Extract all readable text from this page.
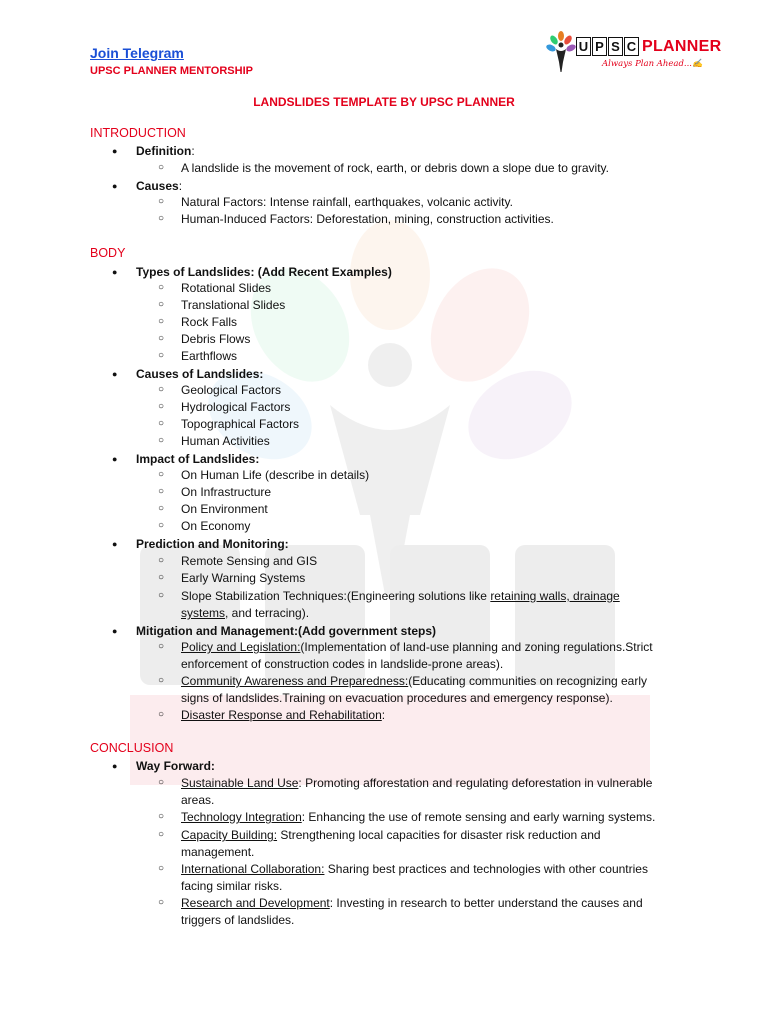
Join Telegram
UPSC PLANNER MENTORSHIP
U P S C PLANNER
Always Plan Ahead...✍
LANDSLIDES TEMPLATE BY UPSC PLANNER
INTRODUCTION
● Definition:
○ A landslide is the movement of rock, earth, or debris down a slope due to gravity.
● Causes:
○ Natural Factors: Intense rainfall, earthquakes, volcanic activity.
○ Human-Induced Factors: Deforestation, mining, construction activities.
BODY
● Types of Landslides: (Add Recent Examples)
○ Rotational Slides
○ Translational Slides
○ Rock Falls
○ Debris Flows
○ Earthflows
● Causes of Landslides:
○ Geological Factors
○ Hydrological Factors
○ Topographical Factors
○ Human Activities
● Impact of Landslides:
○ On Human Life (describe in details)
○ On Infrastructure
○ On Environment
○ On Economy
● Prediction and Monitoring:
○ Remote Sensing and GIS
○ Early Warning Systems
○ Slope Stabilization Techniques:(Engineering solutions like retaining walls, drainage
systems, and terracing).
● Mitigation and Management:(Add government steps)
○ Policy and Legislation:(Implementation of land-use planning and zoning regulations.Strict
enforcement of construction codes in landslide-prone areas).
○ Community Awareness and Preparedness:(Educating communities on recognizing early
signs of landslides.Training on evacuation procedures and emergency response).
○ Disaster Response and Rehabilitation:
CONCLUSION
● Way Forward:
○ Sustainable Land Use: Promoting afforestation and regulating deforestation in vulnerable
areas.
○ Technology Integration: Enhancing the use of remote sensing and early warning systems.
○ Capacity Building: Strengthening local capacities for disaster risk reduction and
management.
○ International Collaboration: Sharing best practices and technologies with other countries
facing similar risks.
○ Research and Development: Investing in research to better understand the causes and
triggers of landslides.
